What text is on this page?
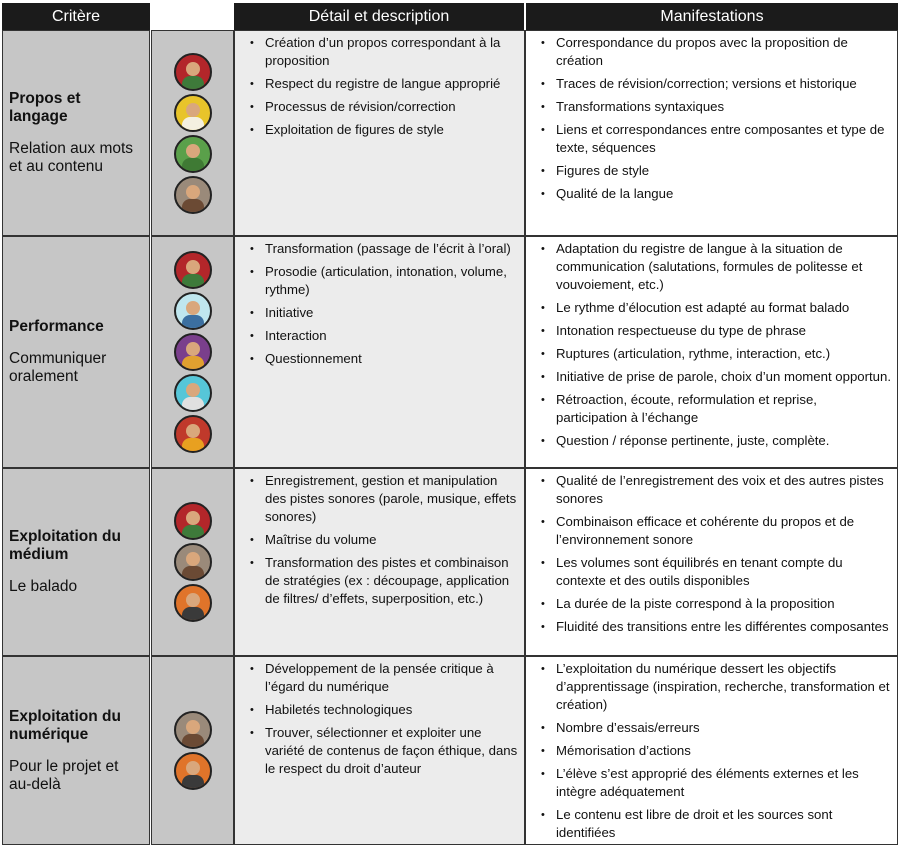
Critère	Détail et description	Manifestations
Propos et langage
Relation aux mots et au contenu
• Création d’un propos correspondant à la proposition
• Respect du registre de langue approprié
• Processus de révision/correction
• Exploitation de figures de style
• Correspondance du propos avec la proposition de création
• Traces de révision/correction; versions et historique
• Transformations syntaxiques
• Liens et correspondances entre composantes et type de texte, séquences
• Figures de style
• Qualité de la langue
Performance
Communiquer oralement
• Transformation (passage de l’écrit à l’oral)
• Prosodie (articulation, intonation, volume, rythme)
• Initiative
• Interaction
• Questionnement
• Adaptation du registre de langue à la situation de communication (salutations, formules de politesse et vouvoiement, etc.)
• Le rythme d’élocution est adapté au format balado
• Intonation respectueuse du type de phrase
• Ruptures (articulation, rythme, interaction, etc.)
• Initiative de prise de parole, choix d’un moment opportun.
• Rétroaction, écoute, reformulation et reprise, participation à l’échange
• Question / réponse pertinente, juste, complète.
Exploitation du médium
Le balado
• Enregistrement, gestion et manipulation des pistes sonores (parole, musique, effets sonores)
• Maîtrise du volume
• Transformation des pistes et combinaison de stratégies (ex : découpage, application de filtres/ d’effets, superposition, etc.)
• Qualité de l’enregistrement des voix et des autres pistes sonores
• Combinaison efficace et cohérente du propos et de l’environnement sonore
• Les volumes sont équilibrés en tenant compte du contexte et des outils disponibles
• La durée de la piste correspond à la proposition
• Fluidité des transitions entre les différentes composantes
Exploitation du numérique
Pour le projet et au-delà
• Développement de la pensée critique à l’égard du numérique
• Habiletés technologiques
• Trouver, sélectionner et exploiter une variété de contenus de façon éthique, dans le respect du droit d’auteur
• L’exploitation du numérique dessert les objectifs d’apprentissage (inspiration, recherche, transformation et création)
• Nombre d’essais/erreurs
• Mémorisation d’actions
• L’élève s’est approprié des éléments externes et les intègre adéquatement
• Le contenu est libre de droit et les sources sont identifiées
